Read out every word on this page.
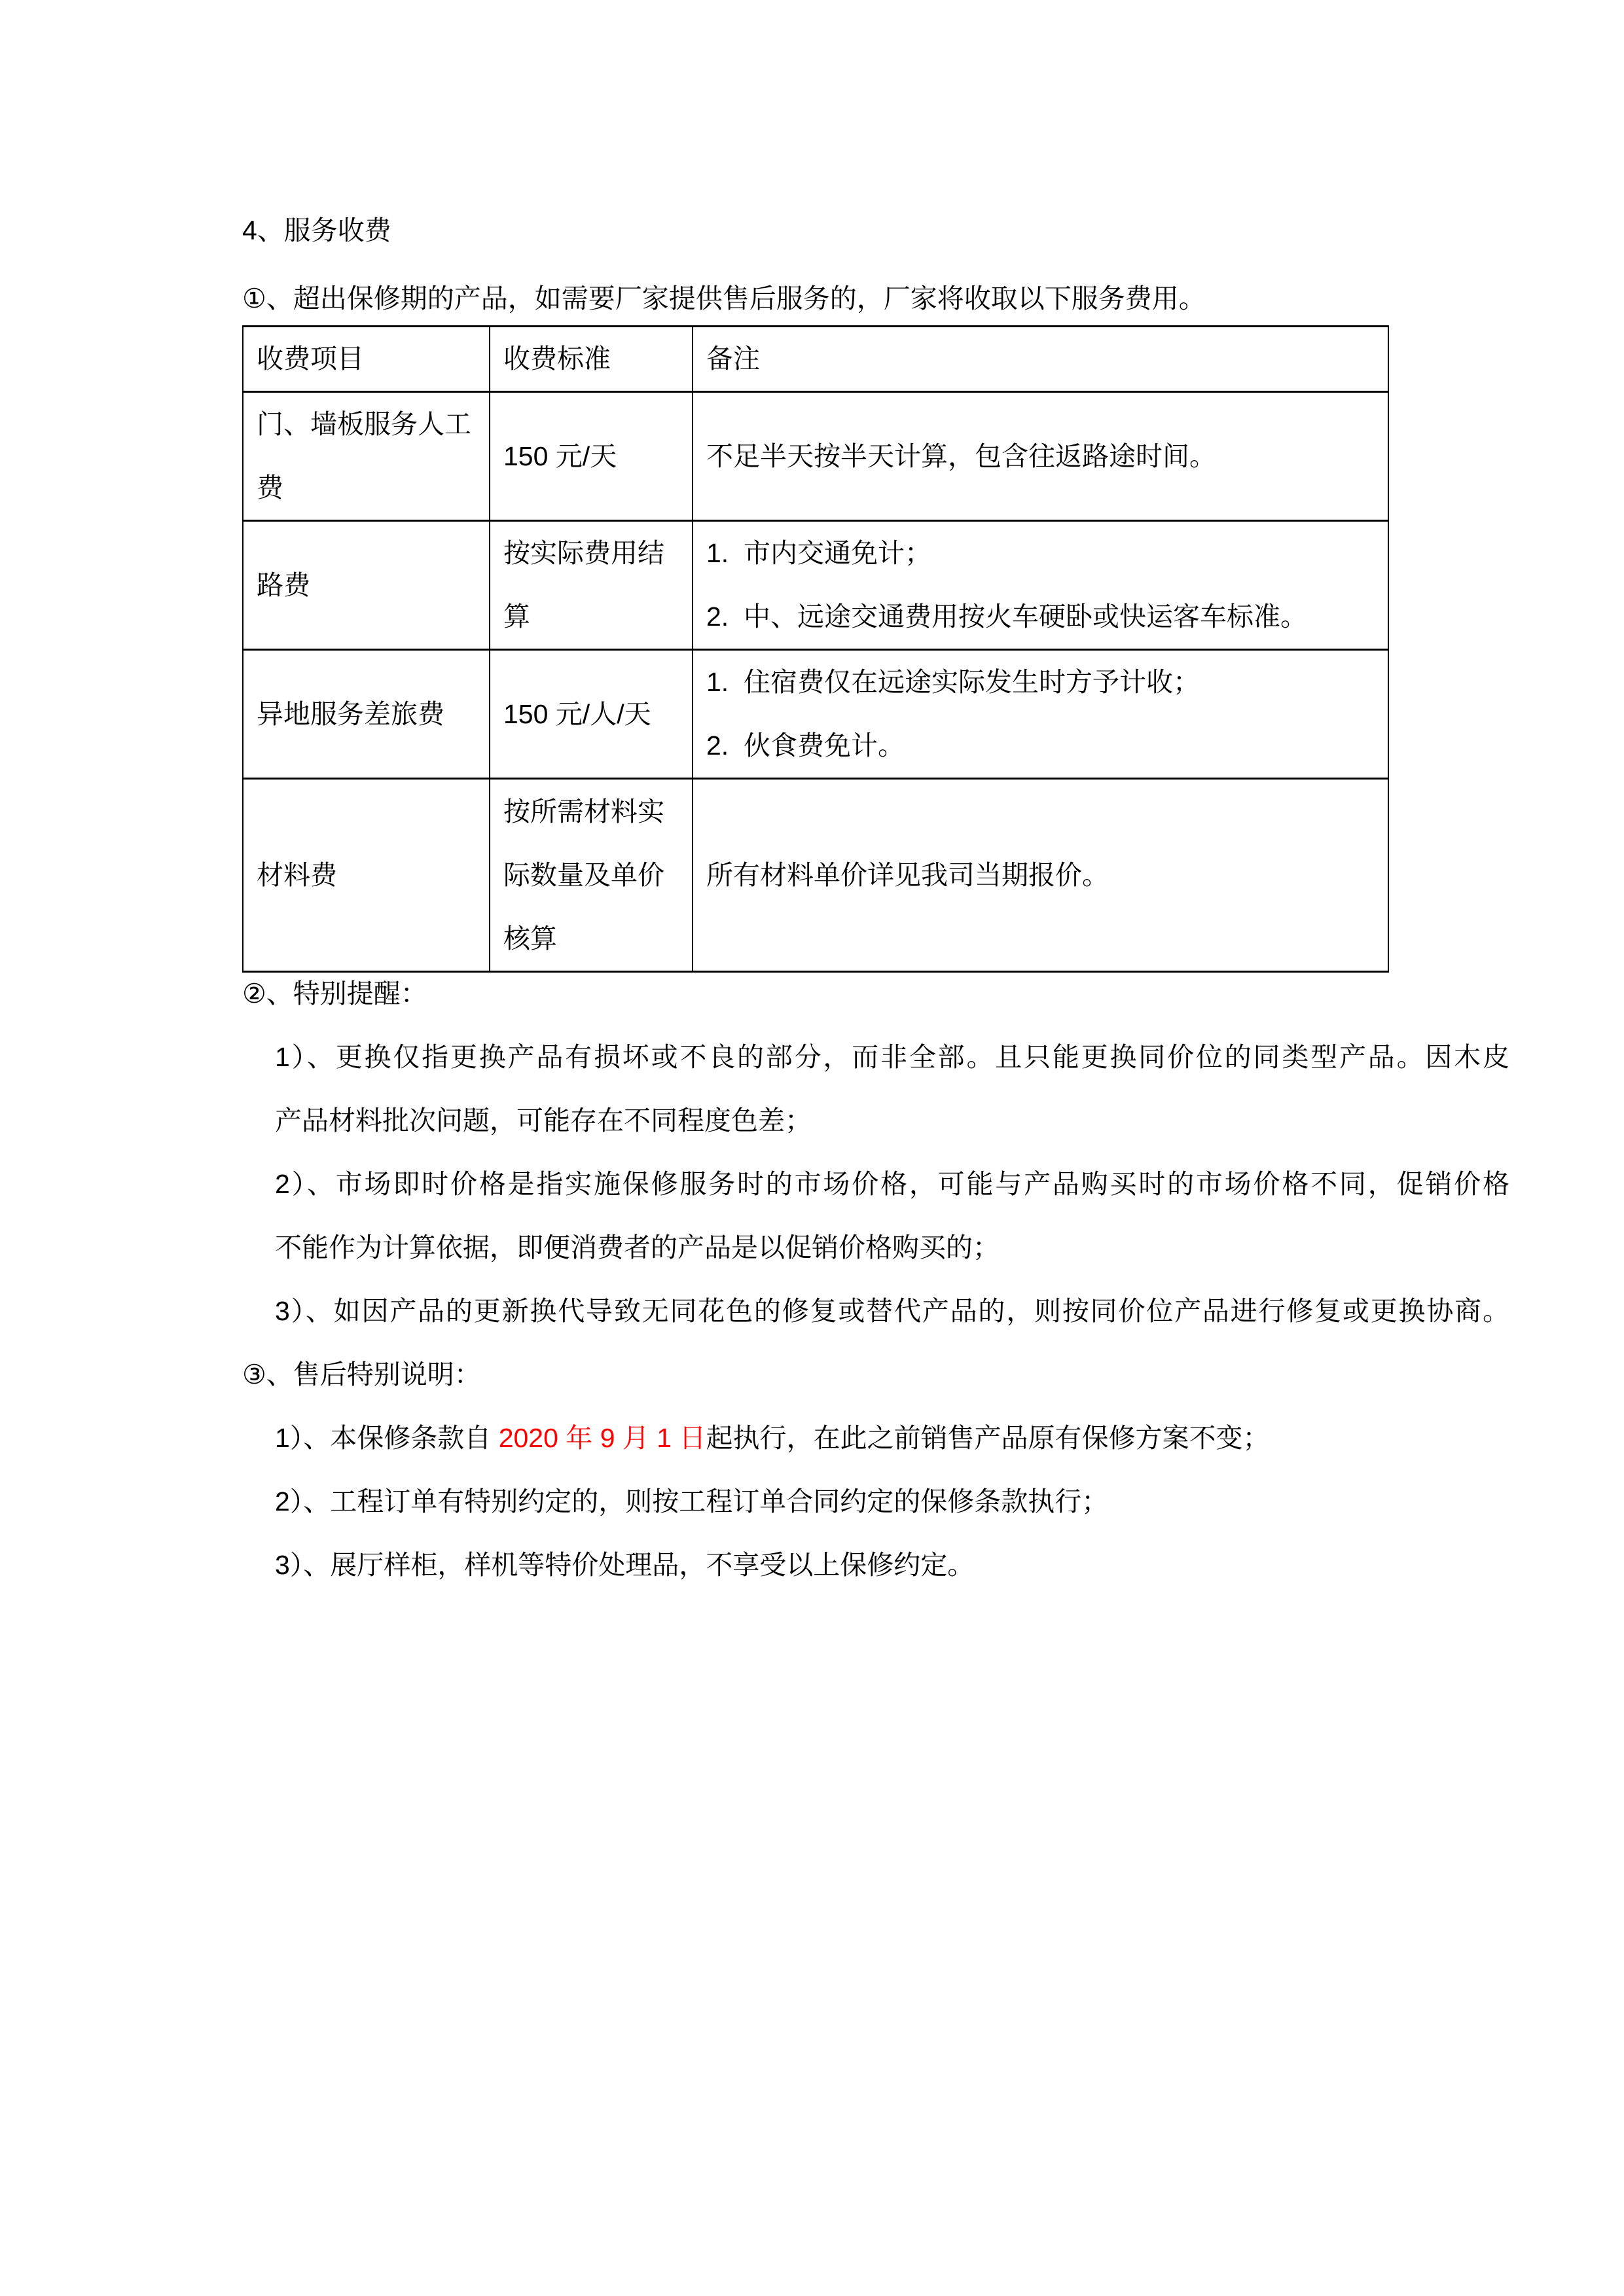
4、服务收费
①、超出保修期的产品，如需要厂家提供售后服务的，厂家将收取以下服务费用。
收费项目	收费标准	备注
门、墙板服务人工费	150 元/天	不足半天按半天计算，包含往返路途时间。

路费	按实际费用结算	1.  市内交通免计；
2.  中、远途交通费用按火车硬卧或快运客车标准。

异地服务差旅费	150 元/人/天	1.  住宿费仅在远途实际发生时方予计收；
2.  伙食费免计。

材料费	按所需材料实际数量及单价核算	所有材料单价详见我司当期报价。
②、特别提醒：
1）、更换仅指更换产品有损坏或不良的部分，而非全部。且只能更换同价位的同类型产品。因木皮
产品材料批次问题，可能存在不同程度色差；
2）、市场即时价格是指实施保修服务时的市场价格，可能与产品购买时的市场价格不同，促销价格
不能作为计算依据，即便消费者的产品是以促销价格购买的；
3）、如因产品的更新换代导致无同花色的修复或替代产品的，则按同价位产品进行修复或更换协商。
③、售后特别说明：
1）、本保修条款自 2020 年 9 月 1 日起执行，在此之前销售产品原有保修方案不变；
2）、工程订单有特别约定的，则按工程订单合同约定的保修条款执行；
3）、展厅样柜，样机等特价处理品，不享受以上保修约定。
